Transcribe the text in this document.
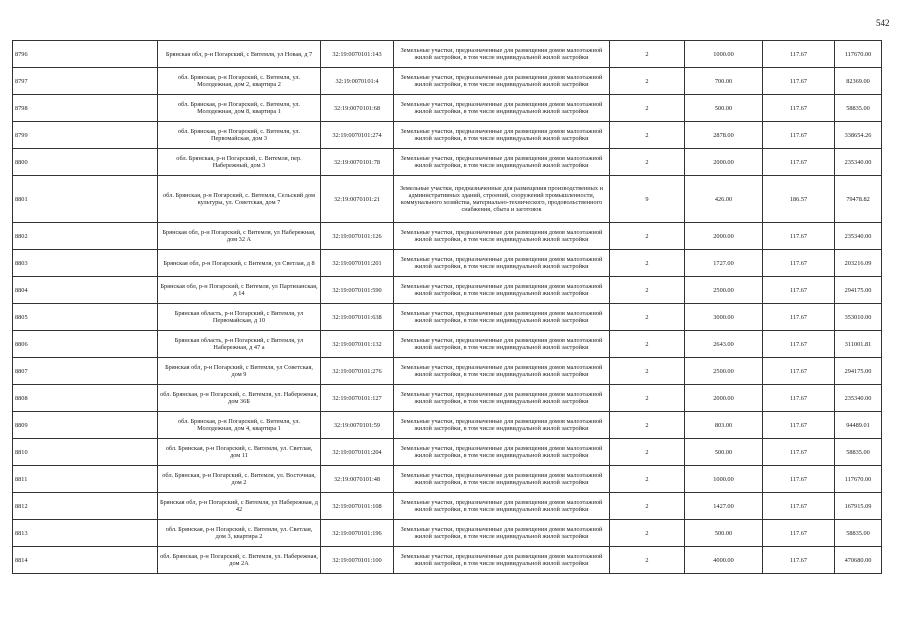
542
8796	Брянская обл, р-н Погарский, с Витемля, ул Новая, д 7	32:19:0070101:143	Земельные участки, предназначенные для размещения домов малоэтажной жилой застройки, в том числе индивидуальной жилой застройки	2	1000.00	117.67	117670.00
8797	обл. Брянская, р-н Погарский, с. Витемля, ул. Молодежная, дом 2, квартира 2	32:19:0070101:4	Земельные участки, предназначенные для размещения домов малоэтажной жилой застройки, в том числе индивидуальной жилой застройки	2	700.00	117.67	82369.00
8798	обл. Брянская, р-н Погарский, с. Витемля, ул. Молодежная, дом 8, квартира 1	32:19:0070101:68	Земельные участки, предназначенные для размещения домов малоэтажной жилой застройки, в том числе индивидуальной жилой застройки	2	500.00	117.67	58835.00
8799	обл. Брянская, р-н Погарский, с. Витемля, ул. Первомайская, дом 3	32:19:0070101:274	Земельные участки, предназначенные для размещения домов малоэтажной жилой застройки, в том числе индивидуальной жилой застройки	2	2878.00	117.67	338654.26
8800	обл. Брянская, р-н Погарский, с. Витемля, пер. Набережный, дом 3	32:19:0070101:78	Земельные участки, предназначенные для размещения домов малоэтажной жилой застройки, в том числе индивидуальной жилой застройки	2	2000.00	117.67	235340.00
8801	обл. Брянская, р-н Погарский, с. Витемля, Сельский дом культуры, ул. Советская, дом 7	32:19:0070101:21	Земельные участки, предназначенные для размещения производственных и административных зданий, строений, сооружений промышленности, коммунального хозяйства, материально-технического, продовольственного снабжения, сбыта и заготовок	9	426.00	186.57	79478.82
8802	Брянская обл, р-н Погарский, с Витемля, ул Набережная, дом 32 А	32:19:0070101:126	Земельные участки, предназначенные для размещения домов малоэтажной жилой застройки, в том числе индивидуальной жилой застройки	2	2000.00	117.67	235340.00
8803	Брянская обл, р-н Погарский, с Витемля, ул Светлая, д 8	32:19:0070101:201	Земельные участки, предназначенные для размещения домов малоэтажной жилой застройки, в том числе индивидуальной жилой застройки	2	1727.00	117.67	203216.09
8804	Брянская обл, р-н Погарский, с Витемля, ул Партизанская, д 14	32:19:0070101:590	Земельные участки, предназначенные для размещения домов малоэтажной жилой застройки, в том числе индивидуальной жилой застройки	2	2500.00	117.67	294175.00
8805	Брянская область, р-н Погарский, с Витемля, ул Первомайская, д 10	32:19:0070101:638	Земельные участки, предназначенные для размещения домов малоэтажной жилой застройки, в том числе индивидуальной жилой застройки	2	3000.00	117.67	353010.00
8806	Брянская область, р-н Погарский, с Витемля, ул Набережная, д 47 а	32:19:0070101:132	Земельные участки, предназначенные для размещения домов малоэтажной жилой застройки, в том числе индивидуальной жилой застройки	2	2643.00	117.67	311001.81
8807	Брянская обл, р-н Погарский, с Витемля, ул Советская, дом 9	32:19:0070101:276	Земельные участки, предназначенные для размещения домов малоэтажной жилой застройки, в том числе индивидуальной жилой застройки	2	2500.00	117.67	294175.00
8808	обл. Брянская, р-н Погарский, с. Витемля, ул. Набережная, дом 36Б	32:19:0070101:127	Земельные участки, предназначенные для размещения домов малоэтажной жилой застройки, в том числе индивидуальной жилой застройки	2	2000.00	117.67	235340.00
8809	обл. Брянская, р-н Погарский, с. Витемля, ул. Молодежная, дом 4, квартира 1	32:19:0070101:59	Земельные участки, предназначенные для размещения домов малоэтажной жилой застройки, в том числе индивидуальной жилой застройки	2	803.00	117.67	94489.01
8810	обл. Брянская, р-н Погарский, с. Витемля, ул. Светлая, дом 11	32:19:0070101:204	Земельные участки, предназначенные для размещения домов малоэтажной жилой застройки, в том числе индивидуальной жилой застройки	2	500.00	117.67	58835.00
8811	обл. Брянская, р-н Погарский, с. Витемля, ул. Восточная, дом 2	32:19:0070101:48	Земельные участки, предназначенные для размещения домов малоэтажной жилой застройки, в том числе индивидуальной жилой застройки	2	1000.00	117.67	117670.00
8812	Брянская обл, р-н Погарский, с Витемля, ул Набережная, д 42	32:19:0070101:108	Земельные участки, предназначенные для размещения домов малоэтажной жилой застройки, в том числе индивидуальной жилой застройки	2	1427.00	117.67	167915.09
8813	обл. Брянская, р-н Погарский, с. Витемля, ул. Светлая, дом 3, квартира 2	32:19:0070101:196	Земельные участки, предназначенные для размещения домов малоэтажной жилой застройки, в том числе индивидуальной жилой застройки	2	500.00	117.67	58835.00
8814	обл. Брянская, р-н Погарский, с. Витемля, ул. Набережная, дом 2А	32:19:0070101:100	Земельные участки, предназначенные для размещения домов малоэтажной жилой застройки, в том числе индивидуальной жилой застройки	2	4000.00	117.67	470680.00
